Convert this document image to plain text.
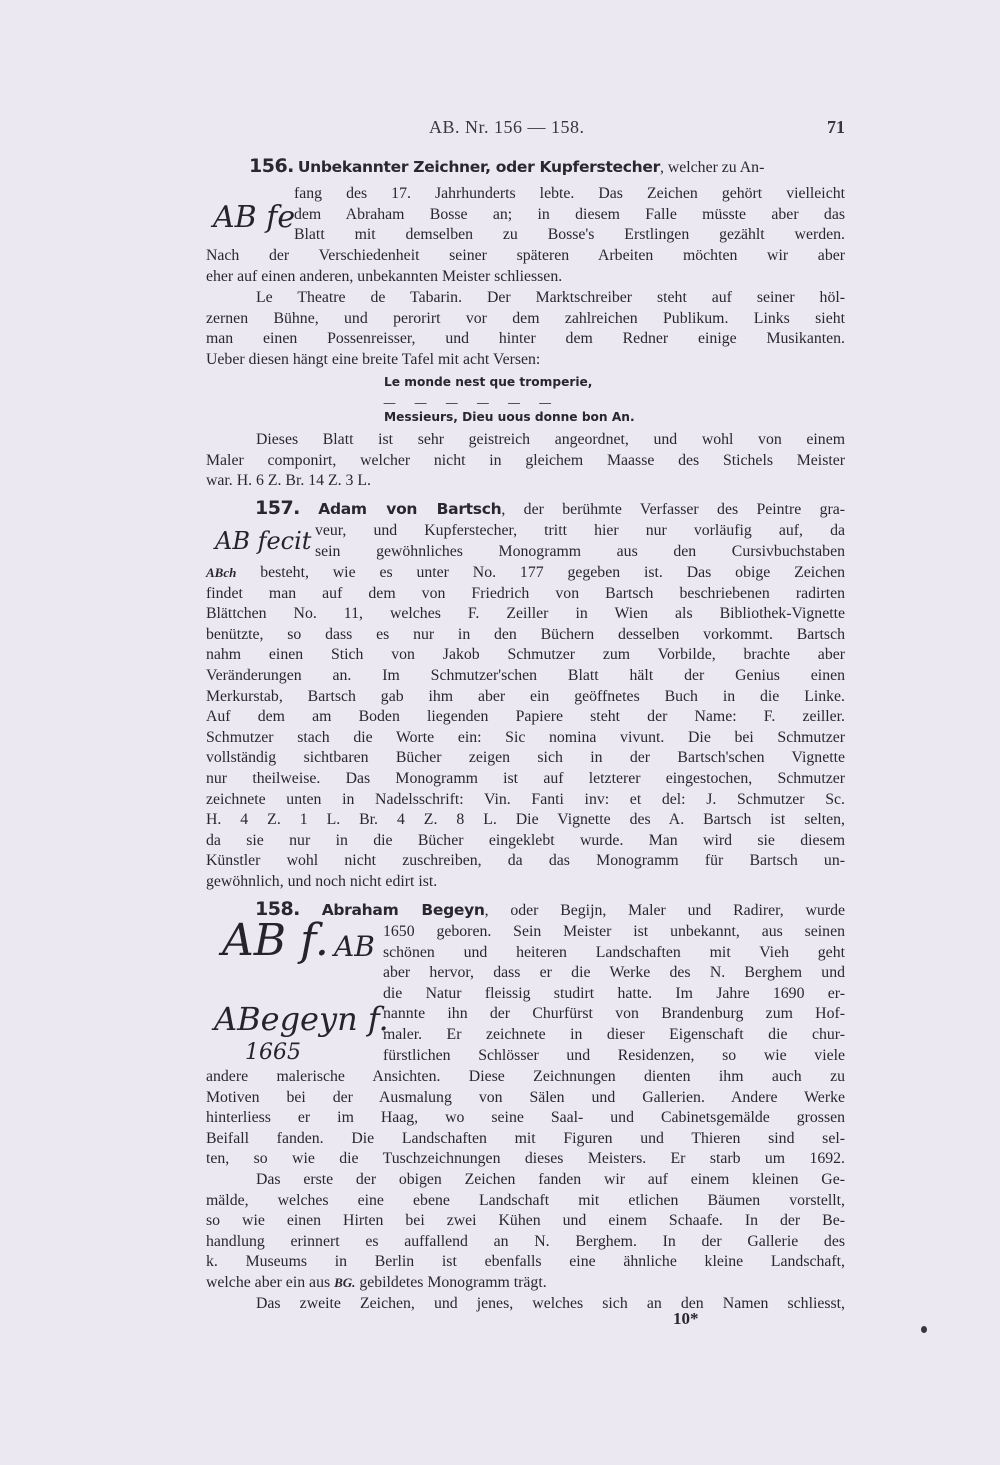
AB. Nr. 156 — 158.	71
AB fe
156. Unbekannter Zeichner, oder Kupferstecher, welcher zu An-
fang des 17. Jahrhunderts lebte. Das Zeichen gehört vielleicht
dem Abraham Bosse an; in diesem Falle müsste aber das
Blatt mit demselben zu Bosse's Erstlingen gezählt werden.
Nach der Verschiedenheit seiner späteren Arbeiten möchten wir aber
eher auf einen anderen, unbekannten Meister schliessen.
Le Theatre de Tabarin. Der Marktschreiber steht auf seiner höl-
zernen Bühne, und perorirt vor dem zahlreichen Publikum. Links sieht
man einen Possenreisser, und hinter dem Redner einige Musikanten.
Ueber diesen hängt eine breite Tafel mit acht Versen:
Le monde nest que tromperie,
— — — — — —
Messieurs, Dieu uous donne bon An.
Dieses Blatt ist sehr geistreich angeordnet, und wohl von einem
Maler componirt, welcher nicht in gleichem Maasse des Stichels Meister
war. H. 6 Z. Br. 14 Z. 3 L.
AB fecit
157. Adam von Bartsch, der berühmte Verfasser des Peintre gra-
veur, und Kupferstecher, tritt hier nur vorläufig auf, da
sein gewöhnliches Monogramm aus den Cursivbuchstaben
ABch besteht, wie es unter No. 177 gegeben ist. Das obige Zeichen
findet man auf dem von Friedrich von Bartsch beschriebenen radirten
Blättchen No. 11, welches F. Zeiller in Wien als Bibliothek-Vignette
benützte, so dass es nur in den Büchern desselben vorkommt. Bartsch
nahm einen Stich von Jakob Schmutzer zum Vorbilde, brachte aber
Veränderungen an. Im Schmutzer'schen Blatt hält der Genius einen
Merkurstab, Bartsch gab ihm aber ein geöffnetes Buch in die Linke.
Auf dem am Boden liegenden Papiere steht der Name: F. zeiller.
Schmutzer stach die Worte ein: Sic nomina vivunt. Die bei Schmutzer
vollständig sichtbaren Bücher zeigen sich in der Bartsch'schen Vignette
nur theilweise. Das Monogramm ist auf letzterer eingestochen, Schmutzer
zeichnete unten in Nadelsschrift: Vin. Fanti inv: et del: J. Schmutzer Sc.
H. 4 Z. 1 L. Br. 4 Z. 8 L. Die Vignette des A. Bartsch ist selten,
da sie nur in die Bücher eingeklebt wurde. Man wird sie diesem
Künstler wohl nicht zuschreiben, da das Monogramm für Bartsch un-
gewöhnlich, und noch nicht edirt ist.
AB f. AB
ABegeyn f.
1665
158. Abraham Begeyn, oder Begijn, Maler und Radirer, wurde
1650 geboren. Sein Meister ist unbekannt, aus seinen
schönen und heiteren Landschaften mit Vieh geht
aber hervor, dass er die Werke des N. Berghem und
die Natur fleissig studirt hatte. Im Jahre 1690 er-
nannte ihn der Churfürst von Brandenburg zum Hof-
maler. Er zeichnete in dieser Eigenschaft die chur-
fürstlichen Schlösser und Residenzen, so wie viele
andere malerische Ansichten. Diese Zeichnungen dienten ihm auch zu
Motiven bei der Ausmalung von Sälen und Gallerien. Andere Werke
hinterliess er im Haag, wo seine Saal- und Cabinetsgemälde grossen
Beifall fanden. Die Landschaften mit Figuren und Thieren sind sel-
ten, so wie die Tuschzeichnungen dieses Meisters. Er starb um 1692.
Das erste der obigen Zeichen fanden wir auf einem kleinen Ge-
mälde, welches eine ebene Landschaft mit etlichen Bäumen vorstellt,
so wie einen Hirten bei zwei Kühen und einem Schaafe. In der Be-
handlung erinnert es auffallend an N. Berghem. In der Gallerie des
k. Museums in Berlin ist ebenfalls eine ähnliche kleine Landschaft,
welche aber ein aus BG. gebildetes Monogramm trägt.
Das zweite Zeichen, und jenes, welches sich an den Namen schliesst,
10*
